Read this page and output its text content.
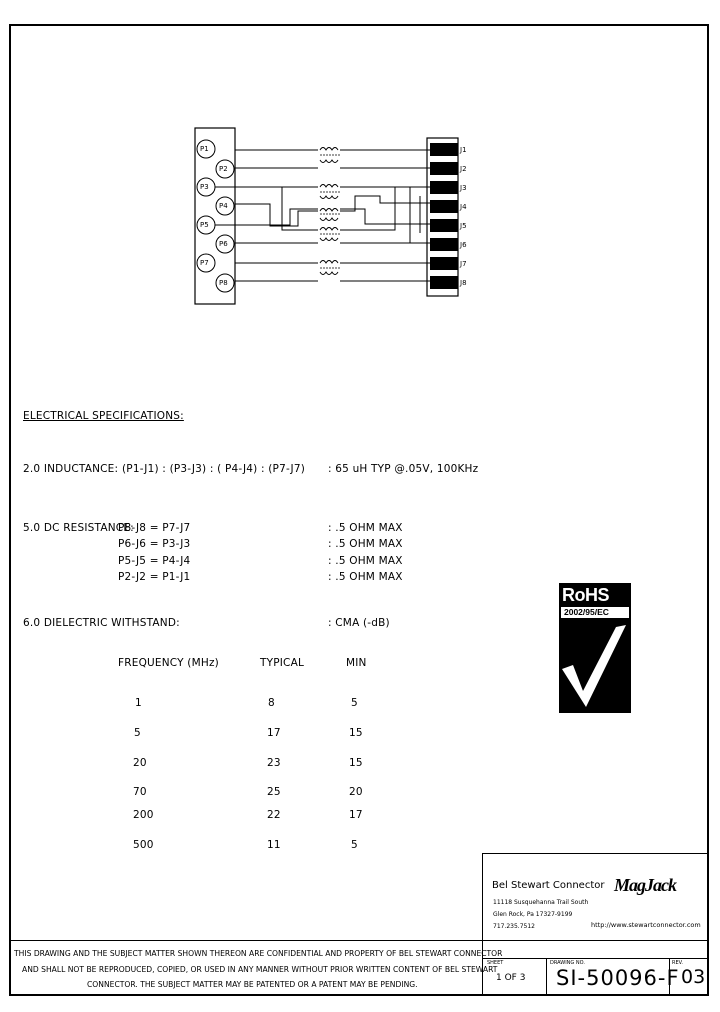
P1
P2
P3
P4
P5
P6
P7
P8
J1
J2
J3
J4
J5
J6
J7
J8
ELECTRICAL SPECIFICATIONS:
2.0 INDUCTANCE: (P1-J1) : (P3-J3) : ( P4-J4) : (P7-J7) : 65 uH TYP @.05V, 100KHz
5.0 DC RESISTANCE:
P8-J8 = P7-J7	: .5 OHM MAX
P6-J6 = P3-J3	: .5 OHM MAX
P5-J5 = P4-J4	: .5 OHM MAX
P2-J2 = P1-J1	: .5 OHM MAX
6.0 DIELECTRIC WITHSTAND:	: CMA (-dB)
FREQUENCY (MHz)	TYPICAL	MIN
1	8	5
5	17	15
20	23	15
70	25	20
200	22	17
500	11	5
RoHS
2002/95/EC
Bel Stewart Connector
11118 Susquehanna Trail South
Glen Rock, Pa 17327-9199
717.235.7512
MagJack
http://www.stewartconnector.com
SHEET
1 OF 3
DRAWING NO.
SI-50096-F
REV.
03
THIS DRAWING AND THE SUBJECT MATTER SHOWN THEREON ARE CONFIDENTIAL AND PROPERTY OF BEL STEWART CONNECTOR
AND SHALL NOT BE REPRODUCED, COPIED, OR USED IN ANY MANNER WITHOUT PRIOR WRITTEN CONTENT OF BEL STEWART
CONNECTOR. THE SUBJECT MATTER MAY BE PATENTED OR A PATENT MAY BE PENDING.
